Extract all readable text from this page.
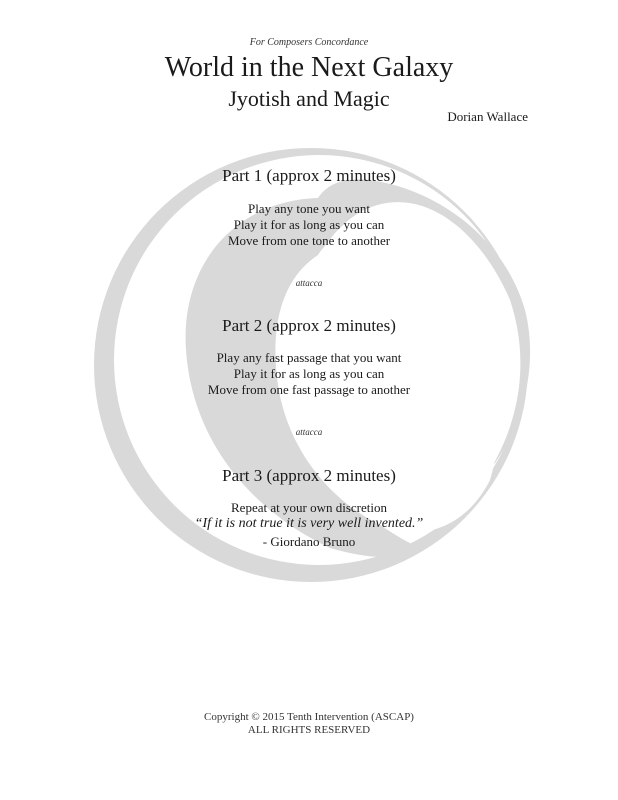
For Composers Concordance
World in the Next Galaxy
Jyotish and Magic
Dorian Wallace
Part 1 (approx 2 minutes)
Play any tone you want
Play it for as long as you can
Move from one tone to another
attacca
Part 2 (approx 2 minutes)
Play any fast passage that you want
Play it for as long as you can
Move from one fast passage to another
attacca
Part 3 (approx 2 minutes)
Repeat at your own discretion
“If it is not true it is very well invented.”
- Giordano Bruno
Copyright © 2015 Tenth Intervention (ASCAP)
ALL RIGHTS RESERVED
